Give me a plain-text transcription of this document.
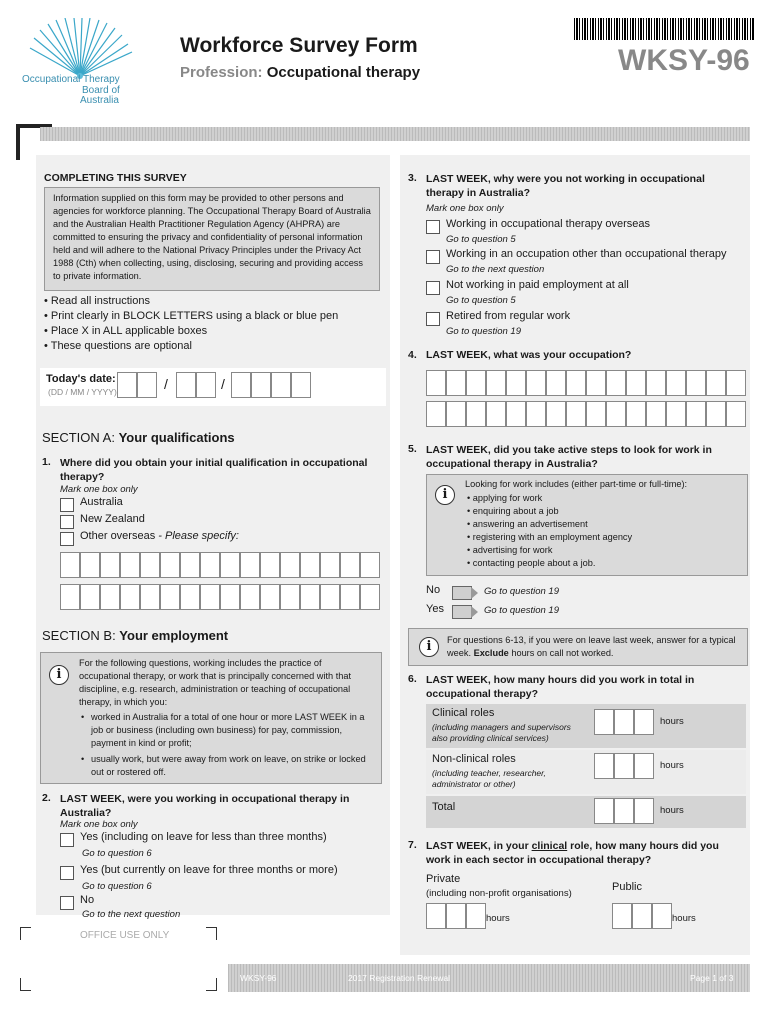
Occupational Therapy
Board of
Australia
Workforce Survey Form
Profession: Occupational therapy	WKSY-96
COMPLETING THIS SURVEY
Information supplied on this form may be provided to other persons and agencies for workforce planning. The Occupational Therapy Board of Australia and the Australian Health Practitioner Regulation Agency (AHPRA) are committed to ensuring the privacy and confidentiality of personal information held and will adhere to the National Privacy Principles under the Privacy Act 1988 (Cth) when collecting, using, disclosing, securing and providing access to private information.
• Read all instructions
• Print clearly in BLOCK LETTERS using a black or blue pen
• Place X in ALL applicable boxes
• These questions are optional
Today's date:
(DD / MM / YYYY)	/	/
SECTION A: Your qualifications
1. Where did you obtain your initial qualification in occupational therapy?
Mark one box only
Australia
New Zealand
Other overseas - Please specify:
SECTION B: Your employment
i
For the following questions, working includes the practice of occupational therapy, or work that is principally concerned with that discipline, e.g. research, administration or teaching of occupational therapy, in which you:
• worked in Australia for a total of one hour or more LAST WEEK in a job or business (including own business) for pay, commission, payment in kind or profit;
• usually work, but were away from work on leave, on strike or locked out or rostered off.
2. LAST WEEK, were you working in occupational therapy in Australia?
Mark one box only
Yes (including on leave for less than three months)
Go to question 6
Yes (but currently on leave for three months or more)
Go to question 6
No
Go to the next question
OFFICE USE ONLY
3. LAST WEEK, why were you not working in occupational therapy in Australia?
Mark one box only
Working in occupational therapy overseas
Go to question 5
Working in an occupation other than occupational therapy
Go to the next question
Not working in paid employment at all
Go to question 5
Retired from regular work
Go to question 19
4. LAST WEEK, what was your occupation?
5. LAST WEEK, did you take active steps to look for work in occupational therapy in Australia?
i
Looking for work includes (either part-time or full-time):
• applying for work
• enquiring about a job
• answering an advertisement
• registering with an employment agency
• advertising for work
• contacting people about a job.
No	Go to question 19
Yes	Go to question 19
i	For questions 6-13, if you were on leave last week, answer for a typical week. Exclude hours on call not worked.
6. LAST WEEK, how many hours did you work in total in occupational therapy?
Clinical roles
(including managers and supervisors also providing clinical services)
hours
Non-clinical roles
(including teacher, researcher, administrator or other)
hours
Total	hours
7. LAST WEEK, in your clinical role, how many hours did you work in each sector in occupational therapy?
Private
(including non-profit organisations)
Public
hours	hours
WKSY-96	2017 Registration Renewal	Page 1 of 3
